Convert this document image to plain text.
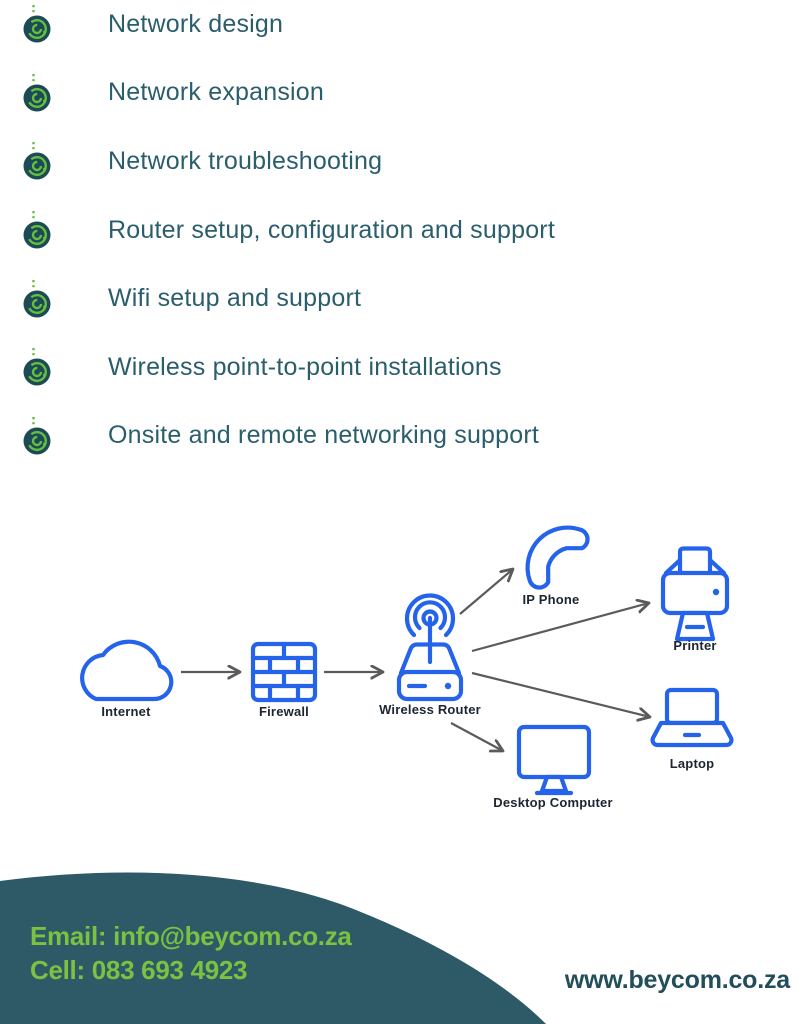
Network design
Network expansion
Network troubleshooting
Router setup, configuration and support
Wifi setup and support
Wireless point-to-point installations
Onsite and remote networking support
Internet	Firewall	Wireless Router
IP Phone
Printer
Laptop
Desktop Computer
Email: info@beycom.co.za
Cell: 083 693 4923	www.beycom.co.za
